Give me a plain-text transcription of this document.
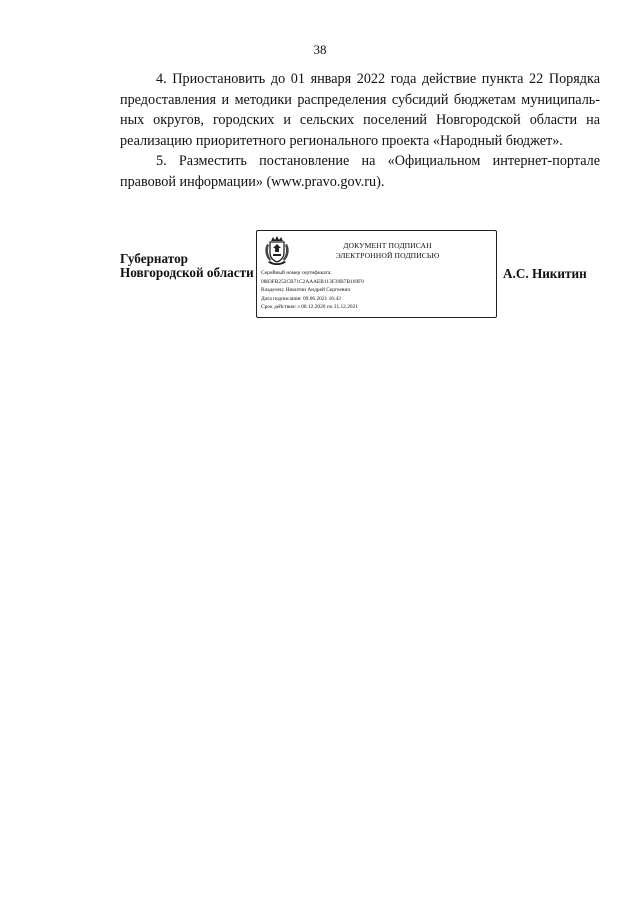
38

4. Приостановить до 01 января 2022 года действие пункта 22 Порядка предоставления и методики распределения субсидий бюджетам муниципаль-ных округов, городских и сельских поселений Новгородской области на реализацию приоритетного регионального проекта «Народный бюджет».

5. Разместить постановление на «Официальном интернет-портале правовой информации» (www.pravo.gov.ru).

Губернатор
Новгородской области
ДОКУМЕНТ ПОДПИСАН
ЭЛЕКТРОННОЙ ПОДПИСЬЮ
Серийный номер сертификата:
0883FB252CB71C2AAAEB113F39B7B169F9
Владелец: Никитин Андрей Сергеевич
Дата подписания: 09.06.2021 16:43
Срок действия: с 08.12.2020 по 31.12.2021
А.С. Никитин
